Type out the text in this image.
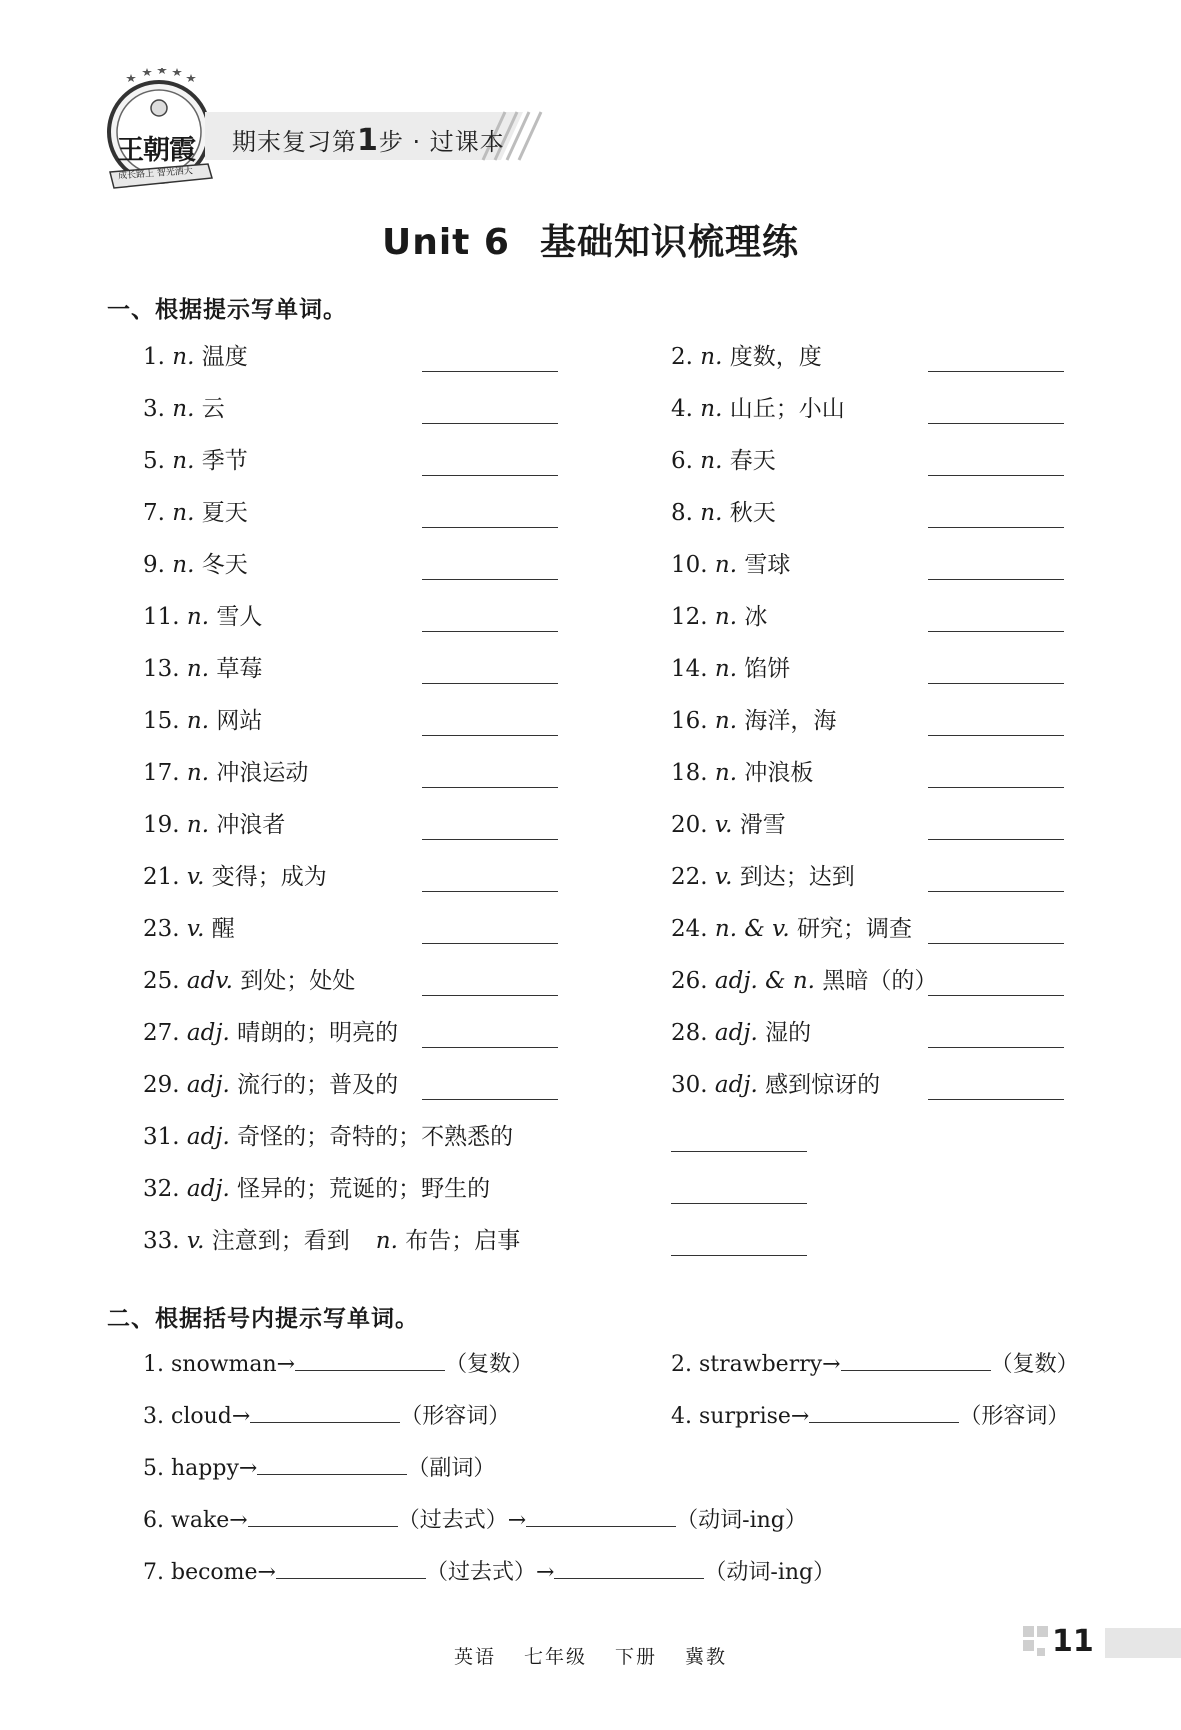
王朝霞
成长路上 智光洒大
期末复习第1步 · 过课本
Unit 6 基础知识梳理练
一、根据提示写单词。
1. n. 温度	2. n. 度数，度
3. n. 云	4. n. 山丘；小山
5. n. 季节	6. n. 春天
7. n. 夏天	8. n. 秋天
9. n. 冬天	10. n. 雪球
11. n. 雪人	12. n. 冰
13. n. 草莓	14. n. 馅饼
15. n. 网站	16. n. 海洋，海
17. n. 冲浪运动	18. n. 冲浪板
19. n. 冲浪者	20. v. 滑雪
21. v. 变得；成为	22. v. 到达；达到
23. v. 醒	24. n. & v. 研究；调查
25. adv. 到处；处处	26. adj. & n. 黑暗（的）
27. adj. 晴朗的；明亮的	28. adj. 湿的
29. adj. 流行的；普及的	30. adj. 感到惊讶的
31. adj. 奇怪的；奇特的；不熟悉的
32. adj. 怪异的；荒诞的；野生的
33. v. 注意到；看到 n. 布告；启事
二、根据括号内提示写单词。
1. snowman→	（复数）	2. strawberry→	（复数）
3. cloud→	（形容词）	4. surprise→	（形容词）
5. happy→	（副词）
6. wake→	（过去式）→	（动词-ing）
7. become→	（过去式）→	（动词-ing）
英语 七年级 下册 冀教	11
